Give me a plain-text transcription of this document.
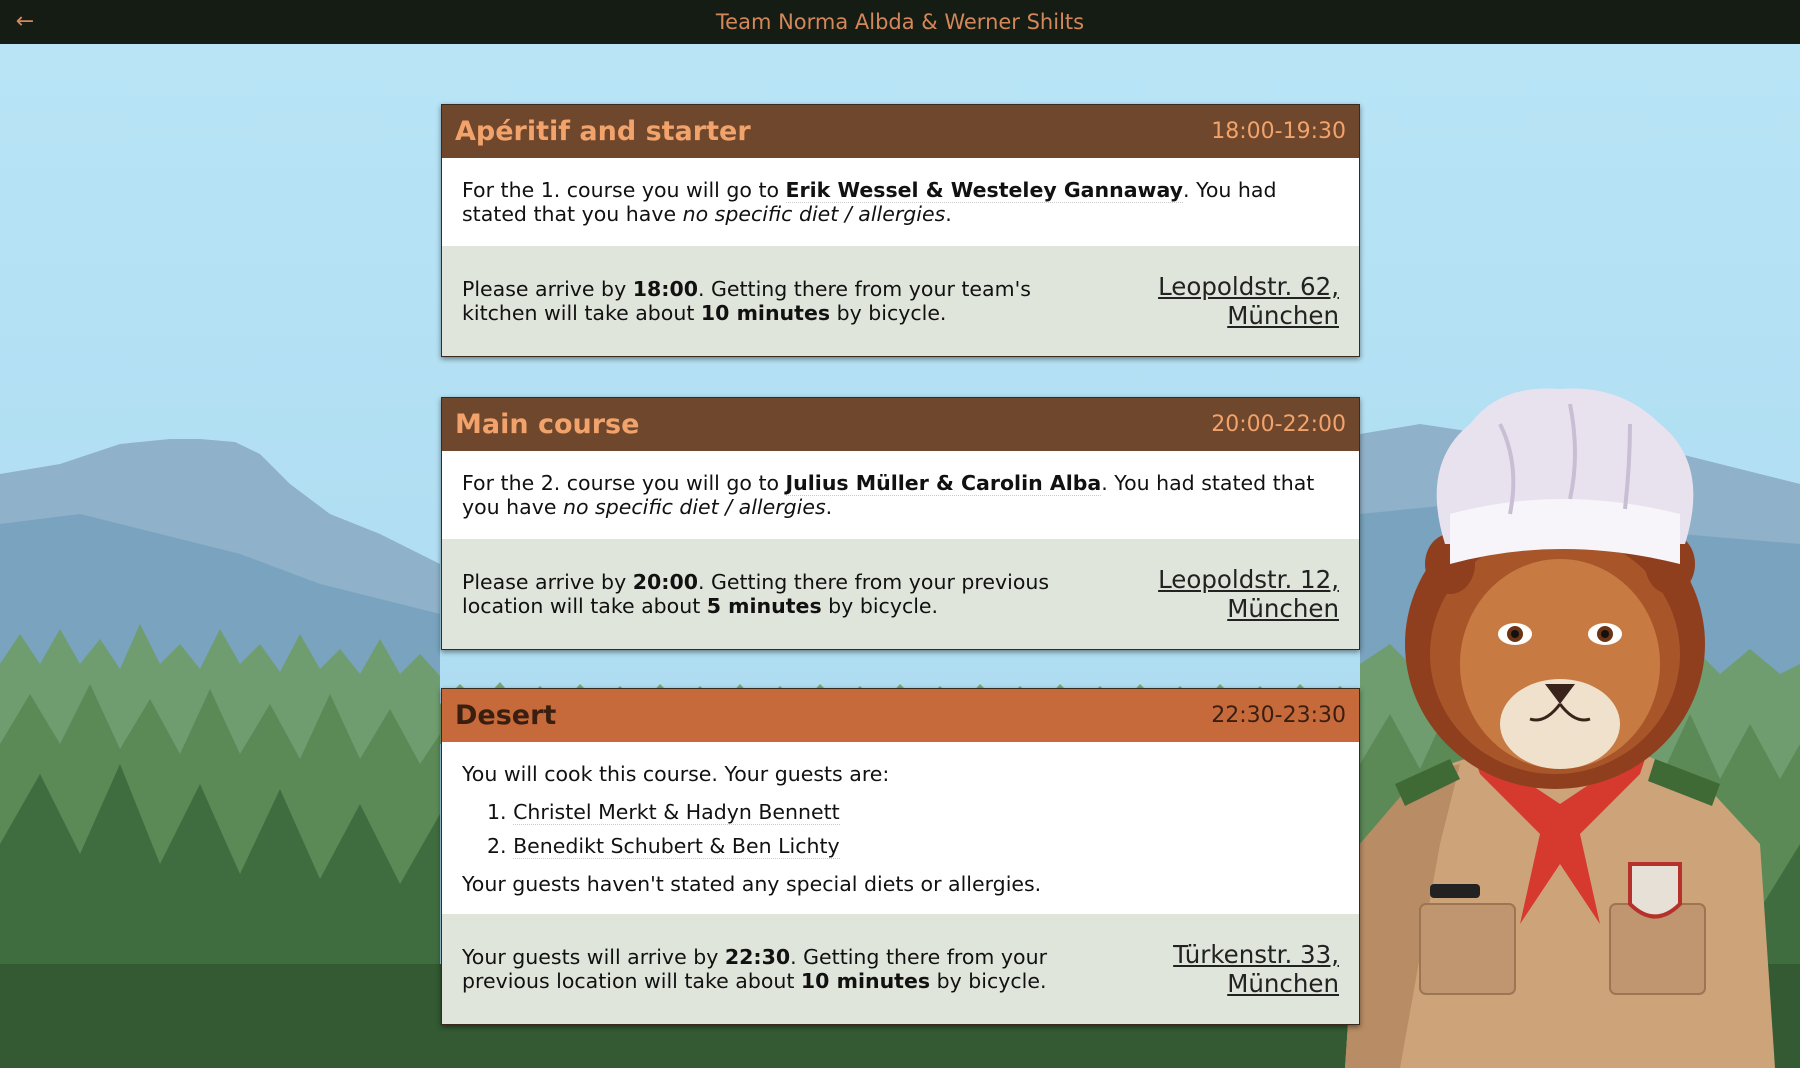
←	Team Norma Albda & Werner Shilts
Apéritif and starter	18:00-19:30
For the 1. course you will go to Erik Wessel & Westeley Gannaway. You had stated that you have no specific diet / allergies.
Please arrive by 18:00. Getting there from your team's kitchen will take about 10 minutes by bicycle.
Leopoldstr. 62,
München
Main course	20:00-22:00
For the 2. course you will go to Julius Müller & Carolin Alba. You had stated that you have no specific diet / allergies.
Please arrive by 20:00. Getting there from your previous location will take about 5 minutes by bicycle.
Leopoldstr. 12,
München
Desert	22:30-23:30
You will cook this course. Your guests are:
1. Christel Merkt & Hadyn Bennett
2. Benedikt Schubert & Ben Lichty
Your guests haven't stated any special diets or allergies.
Your guests will arrive by 22:30. Getting there from your previous location will take about 10 minutes by bicycle.
Türkenstr. 33,
München
